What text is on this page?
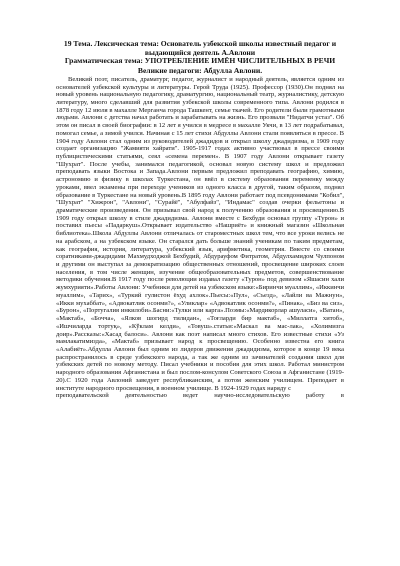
19 Тема. Лексическая тема: Основатель узбекской школы известный педагог и выдающийся деятель А.Авлони

Грамматическая тема: УПОТРЕБЛЕНИЕ ИМЁН ЧИСЛИТЕЛЬНЫХ В РЕЧИ

Великие педагоги: Абдулла Авлони.

Великий поэт, писатель, драматург, педагог, журналист и народный деятель, является одним из основателей узбекской культуры и литературы. Герой Труда (1925). Профессор (1930).Он поднял на новый уровень национальную педагогику, драматургию, национальный театр, журналистику, детскую литературу, много сделавший для развития узбекской школы современного типа. Авлони родился в 1878 году 12 июля в махалле Мерганча города Ташкент, семье ткачей. Его родители были грамотными людьми. Авлони с детства начал работать и зарабатывать на жизнь. Его прозвали "Нидатчи устаз". Об этом он писал в своей биографии: в 12 лет я учился в медресе в махалле Укчи, в 13 лет подрабатывал, помогал семье, а зимой учился. Начиная с 15 лет стихи Абдуллы Авлони стали появляться в прессе. В 1904 году Авлони стал одним из руководителей джадидов и открыл школу джадидизма, в 1909 году создает организацию "Жамияти хайрати". 1905-1917 годах активно участвовал в прессе своими публицистическими статьями, сеял «семена перемен». В 1907 году Авлони открывает газету "Шухрат". После учебы, занимался педагогикой, основал новую систему школ и предложил преподавать языки Востока и Запада.Авлони первым предложил преподавать географию, химию, астрономию и физику в школах Туркестана, он ввёл в систему образования переменку между уроками, ввел экзамены при переходе учеников из одного класса в другой, таким образом, поднял образование в Туркестане на новый уровень.В 1895 году Авлони работает под псевдонимами "Кобил", "Шухрат" "Хижрон", "Авлони", "Сурайё", "Абулфайз", "Индамас" создав очерки фельетоны и драматические произведения. Он призывал свой народ к получению образования и просвещению.В 1909 году открыл школу в стиле джадидизма. Авлони вместе с Бехбуди основал группу «Турон» и поставил пьесы «Падаркуш».Открывает издательство «Нашриёт» и книжный магазин «Школьная библиотека».Школа Абдуллы Авлони отличалась от староместных школ тем, что все уроки велись не на арабском, а на узбекском языке. Он старался дать больше знаний ученикам по таким предметам, как география, история, литература, узбекский язык, арифметика, геометрия. Вместе со своими соратниками-джадидами Махмудходжой Бехбудий, Абдурауфом Фитратом, Абдулхамидом Чулпоном и другими он выступал за демократизацию общественных отношений, просвещение широких слоев населения, в том числе женщин, изучение общеобразовательных предметов, совершенствование методики обучения.В 1917 году после революции издавал газету «Турон» под девизом «Яшасин хали жумхурияти».Работы Авлони: Учебники для детей на узбекском языке:«Биринчи муаллим», «Иккинчи муаллим», «Тарих», «Туркий гулистон ёхуд ахлок».Пьесы:«Пул», «Съезд», «Лайли ва Мажнун», «Икки мухаббат», «Адвокатлик осонми?», «Уликлар» «Адвокатлик осонми?», «Пинак», «Биз ва сиз», «Бурон», «Португалия инкилоби».Басни:«Тулки или карга».Поэмы:«Мардикорлар ашуласи», «Ватан», «Мактаб», «Бочча», «Ялков шогирд тилидан», «Тоғларди бир мактаб», «Миллатга хитоб», «Ишчиларда тортуқ», «Кўклам келди», «Товуш».статьи:«Маскал ва мас-лак», «Холимизга доир».Рассказы:«Хасад балоси». Авлони как поэт написал много стихов. Его известные стихи «Уз мамлакатимизда», «Мактаб» призывает народ к просвещению. Особенно известна его книга «Алабиёт».Абдулла Авлони был одним из лидеров движения джадидизма, которое в конце 19 века распространилось в среде узбекского народа, а так же одним из зачинателей создания школ для узбекских детей по новому методу. Писал учебники и пособия для этих школ. Работал министром народного образования Афганистана и был послом-консулом Советского Союза в Афганистане (1919-20).С 1920 года Авлоний заведует республиканским, а потом женским училищем. Преподает в институте народного просвещения, в военном училище. В 1924-1929 годах наряду с

преподавательской деятельностью ведет научно-исследовательскую работу в
